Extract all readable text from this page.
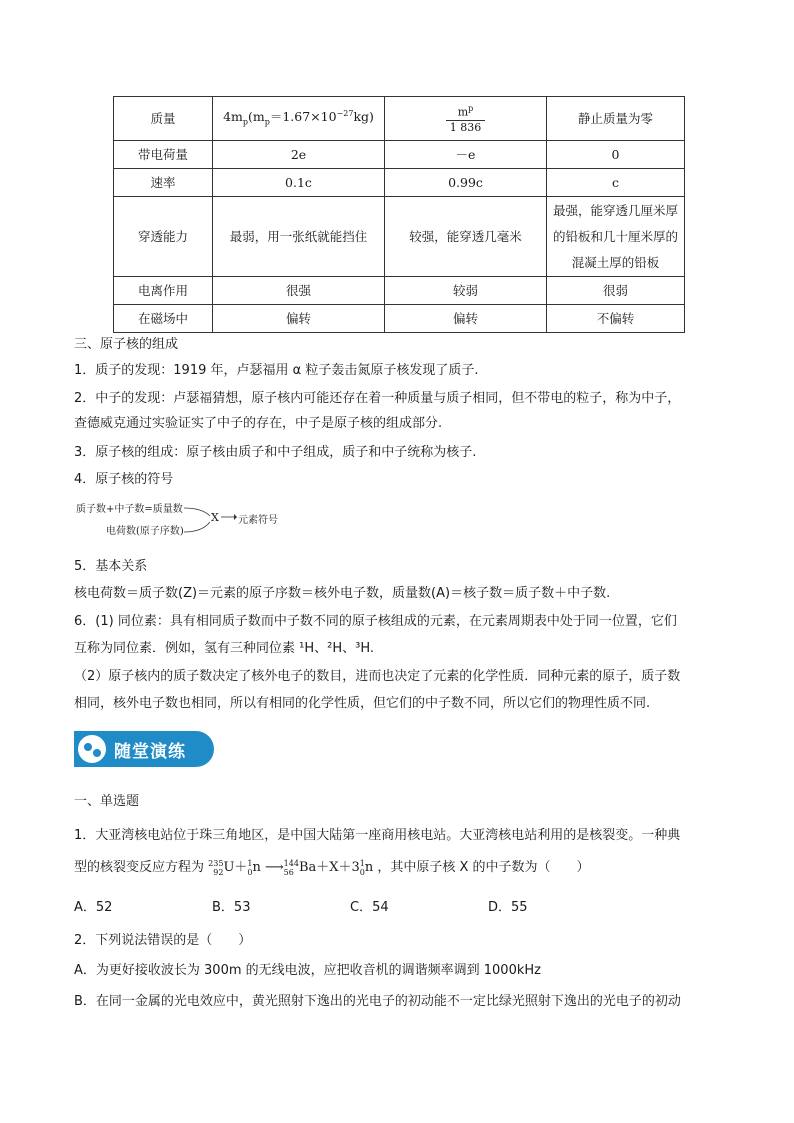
质量	$4m_p(m_p=1.67\times 10^{-27}kg)$	$\frac{m^p}{1 836}$	静止质量为零
带电荷量	2e	－e	0
速率	0.1c	0.99c	c
穿透能力	最弱，用一张纸就能挡住	较强，能穿透几毫米	最强，能穿透几厘米厚
的铅板和几十厘米厚的
混凝土厚的铅板

电离作用	很强	较弱	很弱
在磁场中	偏转	偏转	不偏转
三、原子核的组成
1．质子的发现：1919 年，卢瑟福用 α 粒子轰击氮原子核发现了质子.
2．中子的发现：卢瑟福猜想，原子核内可能还存在着一种质量与质子相同，但不带电的粒子，称为中子，
查德威克通过实验证实了中子的存在，中子是原子核的组成部分.
3．原子核的组成：原子核由质子和中子组成，质子和中子统称为核子.
4．原子核的符号
质子数+中子数=质量数
电荷数(原子序数)
X 元素符号
5．基本关系
核电荷数＝质子数(Z)＝元素的原子序数＝核外电子数，质量数(A)＝核子数＝质子数＋中子数.
6．(1) 同位素：具有相同质子数而中子数不同的原子核组成的元素，在元素周期表中处于同一位置，它们
互称为同位素．例如，氢有三种同位素 ¹H、²H、³H.
（2）原子核内的质子数决定了核外电子的数目，进而也决定了元素的化学性质．同种元素的原子，质子数
相同，核外电子数也相同，所以有相同的化学性质，但它们的中子数不同，所以它们的物理性质不同.
随堂演练
一、单选题
1．大亚湾核电站位于珠三角地区，是中国大陆第一座商用核电站。大亚湾核电站利用的是核裂变。一种典
型的核裂变反应方程为 235
92U＋1
0n ⟶144
56 Ba＋X＋31
0n ，其中原子核 X 的中子数为（　　）
A．52	B．53	C．54	D．55
2．下列说法错误的是（　　）
A．为更好接收波长为 300m 的无线电波，应把收音机的调谐频率调到 1000kHz
B．在同一金属的光电效应中，黄光照射下逸出的光电子的初动能不一定比绿光照射下逸出的光电子的初动
